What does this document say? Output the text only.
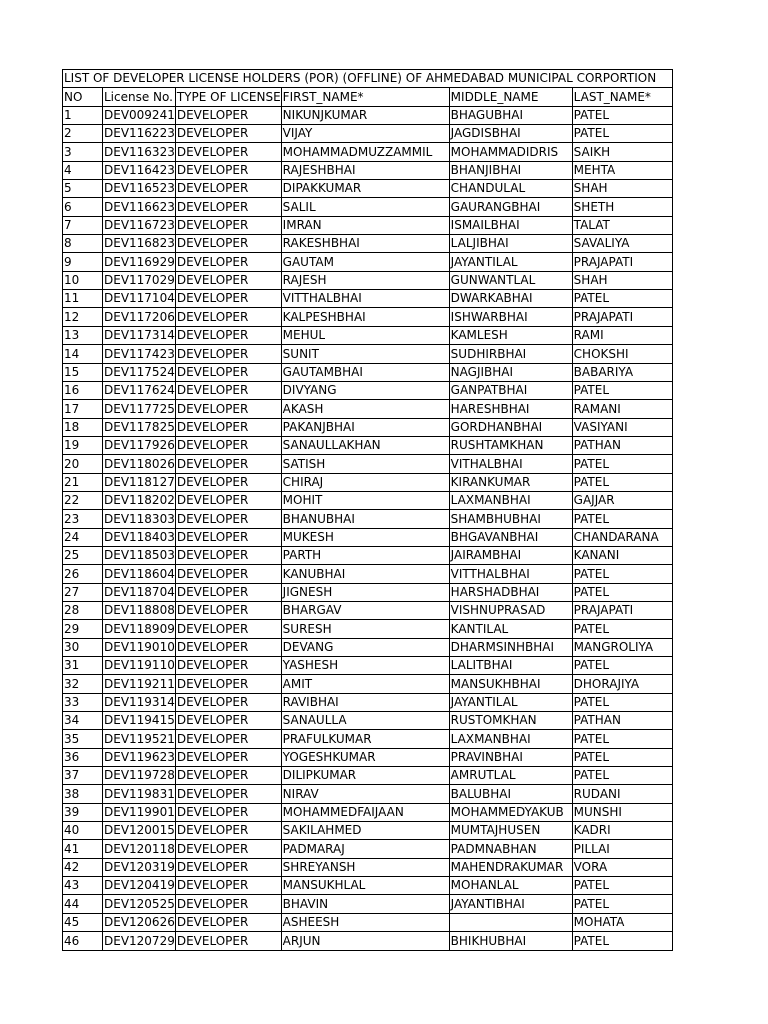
LIST OF DEVELOPER LICENSE HOLDERS (POR) (OFFLINE) OF AHMEDABAD MUNICIPAL CORPORTION					
NO	License No.	TYPE OF LICENSE	FIRST_NAME*	MIDDLE_NAME	LAST_NAME*
1	DEV009241	DEVELOPER	NIKUNJKUMAR	BHAGUBHAI	PATEL
2	DEV116223	DEVELOPER	VIJAY	JAGDISBHAI	PATEL
3	DEV116323	DEVELOPER	MOHAMMADMUZZAMMIL	MOHAMMADIDRIS	SAIKH
4	DEV116423	DEVELOPER	RAJESHBHAI	BHANJIBHAI	MEHTA
5	DEV116523	DEVELOPER	DIPAKKUMAR	CHANDULAL	SHAH
6	DEV116623	DEVELOPER	SALIL	GAURANGBHAI	SHETH
7	DEV116723	DEVELOPER	IMRAN	ISMAILBHAI	TALAT
8	DEV116823	DEVELOPER	RAKESHBHAI	LALJIBHAI	SAVALIYA
9	DEV116929	DEVELOPER	GAUTAM	JAYANTILAL	PRAJAPATI
10	DEV117029	DEVELOPER	RAJESH	GUNWANTLAL	SHAH
11	DEV117104	DEVELOPER	VITTHALBHAI	DWARKABHAI	PATEL
12	DEV117206	DEVELOPER	KALPESHBHAI	ISHWARBHAI	PRAJAPATI
13	DEV117314	DEVELOPER	MEHUL	KAMLESH	RAMI
14	DEV117423	DEVELOPER	SUNIT	SUDHIRBHAI	CHOKSHI
15	DEV117524	DEVELOPER	GAUTAMBHAI	NAGJIBHAI	BABARIYA
16	DEV117624	DEVELOPER	DIVYANG	GANPATBHAI	PATEL
17	DEV117725	DEVELOPER	AKASH	HARESHBHAI	RAMANI
18	DEV117825	DEVELOPER	PAKANJBHAI	GORDHANBHAI	VASIYANI
19	DEV117926	DEVELOPER	SANAULLAKHAN	RUSHTAMKHAN	PATHAN
20	DEV118026	DEVELOPER	SATISH	VITHALBHAI	PATEL
21	DEV118127	DEVELOPER	CHIRAJ	KIRANKUMAR	PATEL
22	DEV118202	DEVELOPER	MOHIT	LAXMANBHAI	GAJJAR
23	DEV118303	DEVELOPER	BHANUBHAI	SHAMBHUBHAI	PATEL
24	DEV118403	DEVELOPER	MUKESH	BHGAVANBHAI	CHANDARANA
25	DEV118503	DEVELOPER	PARTH	JAIRAMBHAI	KANANI
26	DEV118604	DEVELOPER	KANUBHAI	VITTHALBHAI	PATEL
27	DEV118704	DEVELOPER	JIGNESH	HARSHADBHAI	PATEL
28	DEV118808	DEVELOPER	BHARGAV	VISHNUPRASAD	PRAJAPATI
29	DEV118909	DEVELOPER	SURESH	KANTILAL	PATEL
30	DEV119010	DEVELOPER	DEVANG	DHARMSINHBHAI	MANGROLIYA
31	DEV119110	DEVELOPER	YASHESH	LALITBHAI	PATEL
32	DEV119211	DEVELOPER	AMIT	MANSUKHBHAI	DHORAJIYA
33	DEV119314	DEVELOPER	RAVIBHAI	JAYANTILAL	PATEL
34	DEV119415	DEVELOPER	SANAULLA	RUSTOMKHAN	PATHAN
35	DEV119521	DEVELOPER	PRAFULKUMAR	LAXMANBHAI	PATEL
36	DEV119623	DEVELOPER	YOGESHKUMAR	PRAVINBHAI	PATEL
37	DEV119728	DEVELOPER	DILIPKUMAR	AMRUTLAL	PATEL
38	DEV119831	DEVELOPER	NIRAV	BALUBHAI	RUDANI
39	DEV119901	DEVELOPER	MOHAMMEDFAIJAAN	MOHAMMEDYAKUB	MUNSHI
40	DEV120015	DEVELOPER	SAKILAHMED	MUMTAJHUSEN	KADRI
41	DEV120118	DEVELOPER	PADMARAJ	PADMNABHAN	PILLAI
42	DEV120319	DEVELOPER	SHREYANSH	MAHENDRAKUMAR	VORA
43	DEV120419	DEVELOPER	MANSUKHLAL	MOHANLAL	PATEL
44	DEV120525	DEVELOPER	BHAVIN	JAYANTIBHAI	PATEL
45	DEV120626	DEVELOPER	ASHEESH		MOHATA
46	DEV120729	DEVELOPER	ARJUN	BHIKHUBHAI	PATEL
